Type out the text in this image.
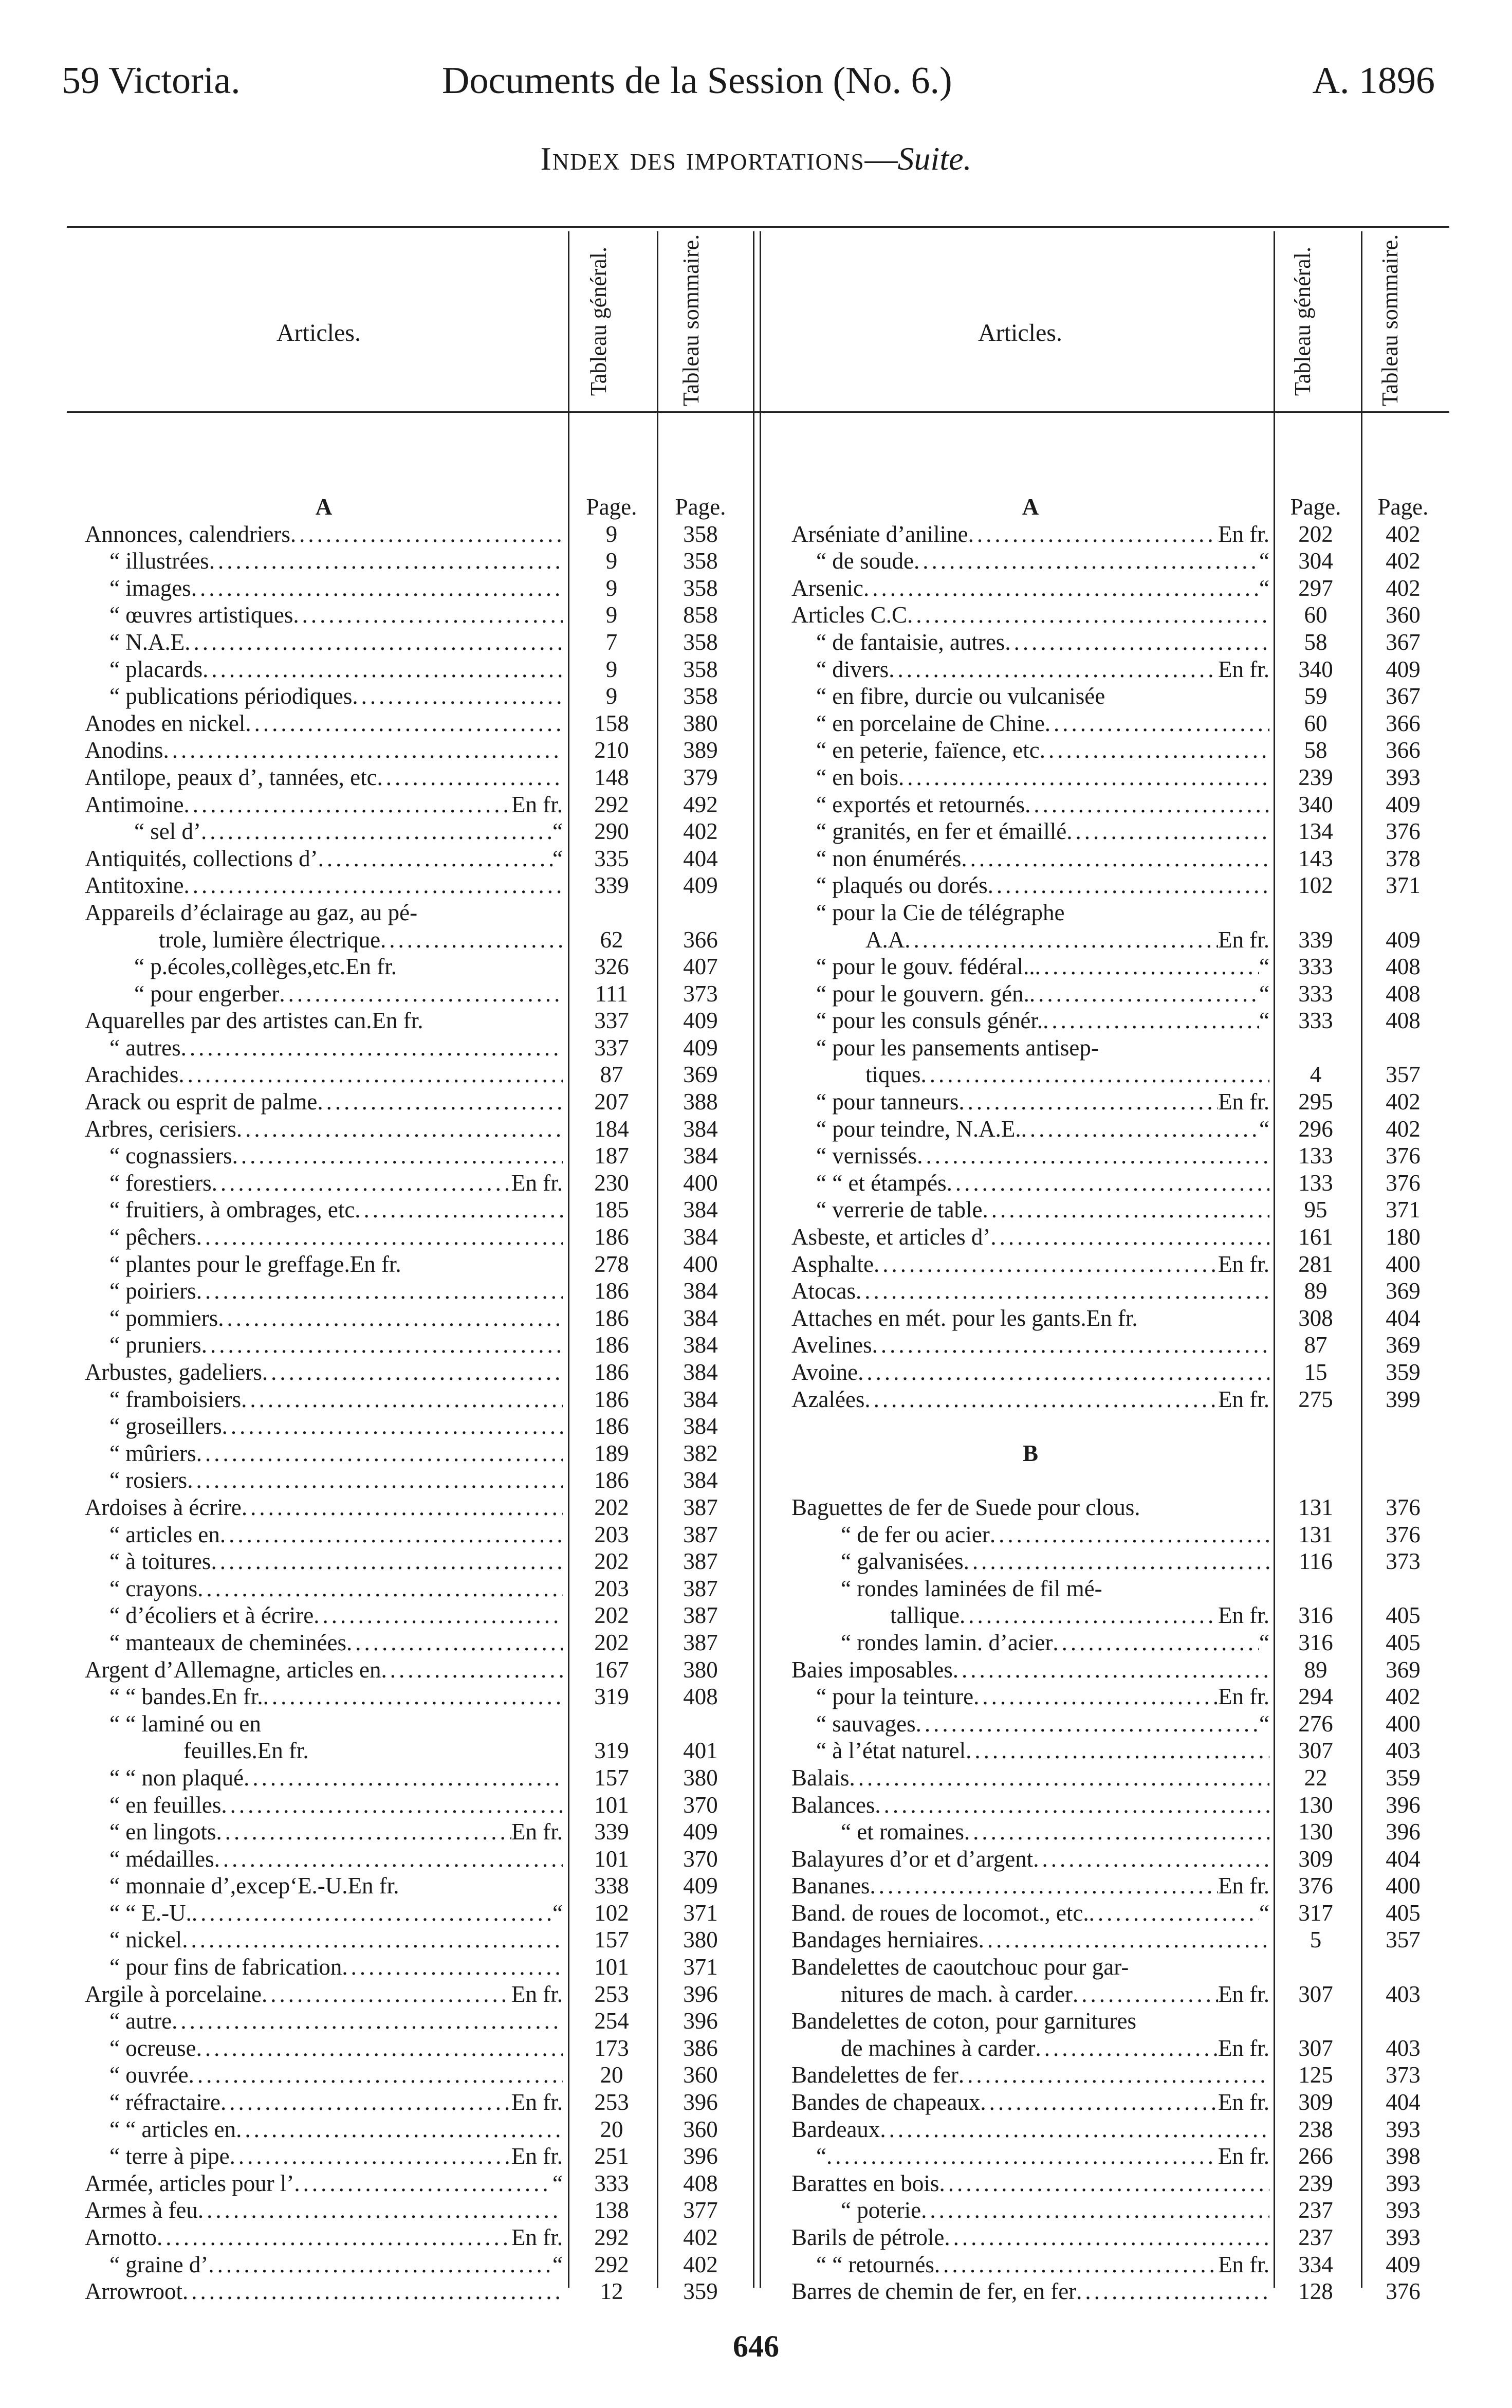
59 Victoria.	Documents de la Session (No. 6.)	A. 1896
Index des importations—Suite.
Articles.	Tableau général.	Tableau sommaire.	Articles.	Tableau général.	Tableau sommaire.
A	Page.	Page.
Annonces, calendriers .....	9	358
“ illustrées .....	9	358
“ images .....	9	358
“ œuvres artistiques .....	9	858
“ N.A.E .....	7	358
“ placards .....	9	358
“ publications périodiques .....	9	358
Anodes en nickel .....	158	380
Anodins .....	210	389
Antilope, peaux d’, tannées, etc .....	148	379
Antimoine .....	En fr.	292	492
“ sel d’ .....	“	290	402
Antiquités, collections d’ .....	“	335	404
Antitoxine .....	339	409
Appareils d’éclairage au gaz, au pé-
trole, lumière électrique .....	62	366
“ p.écoles,collèges,etc.En fr.	326	407
“ pour engerber .....	111	373
Aquarelles par des artistes can.En fr.	337	409
“ autres .....	337	409
Arachides .....	87	369
Arack ou esprit de palme .....	207	388
Arbres, cerisiers .....	184	384
“ cognassiers .....	187	384
“ forestiers .....	En fr.	230	400
“ fruitiers, à ombrages, etc .....	185	384
“ pêchers .....	186	384
“ plantes pour le greffage.En fr.	278	400
“ poiriers .....	186	384
“ pommiers .....	186	384
“ pruniers .....	186	384
Arbustes, gadeliers .....	186	384
“ framboisiers .....	186	384
“ groseillers .....	186	384
“ mûriers .....	189	382
“ rosiers .....	186	384
Ardoises à écrire .....	202	387
“ articles en .....	203	387
“ à toitures .....	202	387
“ crayons .....	203	387
“ d’écoliers et à écrire .....	202	387
“ manteaux de cheminées .....	202	387
Argent d’Allemagne, articles en .....	167	380
“ “ bandes.En fr. .....	319	408
“ “ laminé ou en
feuilles.En fr.	319	401
“ “ non plaqué .....	157	380
“ en feuilles .....	101	370
“ en lingots .....	En fr.	339	409
“ médailles .....	101	370
“ monnaie d’,excep‘E.-U.En fr.	338	409
“ “ E.-U. .....	“	102	371
“ nickel .....	157	380
“ pour fins de fabrication .....	101	371
Argile à porcelaine .....	En fr.	253	396
“ autre .....	254	396
“ ocreuse .....	173	386
“ ouvrée .....	20	360
“ réfractaire .....	En fr.	253	396
“ “ articles en .....	20	360
“ terre à pipe .....	En fr.	251	396
Armée, articles pour l’ .....	“	333	408
Armes à feu .....	138	377
Arnotto .....	En fr.	292	402
“ graine d’ .....	“	292	402
Arrowroot .....	12	359
A	Page.	Page.
Arséniate d’aniline .....	En fr.	202	402
“ de soude .....	“	304	402
Arsenic .....	“	297	402
Articles C.C .....	60	360
“ de fantaisie, autres .....	58	367
“ divers .....	En fr.	340	409
“ en fibre, durcie ou vulcanisée	59	367
“ en porcelaine de Chine .....	60	366
“ en peterie, faïence, etc .....	58	366
“ en bois .....	239	393
“ exportés et retournés .....	340	409
“ granités, en fer et émaillé .....	134	376
“ non énumérés .....	143	378
“ plaqués ou dorés .....	102	371
“ pour la Cie de télégraphe
A.A .....	En fr.	339	409
“ pour le gouv. fédéral.. .....	“	333	408
“ pour le gouvern. gén. .....	“	333	408
“ pour les consuls génér. .....	“	333	408
“ pour les pansements antisep-
tiques .....	4	357
“ pour tanneurs .....	En fr.	295	402
“ pour teindre, N.A.E. .....	“	296	402
“ vernissés .....	133	376
“ “ et étampés .....	133	376
“ verrerie de table .....	95	371
Asbeste, et articles d’ .....	161	180
Asphalte .....	En fr.	281	400
Atocas .....	89	369
Attaches en mét. pour les gants.En fr.	308	404
Avelines .....	87	369
Avoine .....	15	359
Azalées .....	En fr.	275	399
B
Baguettes de fer de Suede pour clous.	131	376
“ de fer ou acier .....	131	376
“ galvanisées .....	116	373
“ rondes laminées de fil mé-
tallique .....	En fr.	316	405
“ rondes lamin. d’acier .....	“	316	405
Baies imposables .....	89	369
“ pour la teinture .....	En fr.	294	402
“ sauvages .....	“	276	400
“ à l’état naturel .....	307	403
Balais .....	22	359
Balances .....	130	396
“ et romaines .....	130	396
Balayures d’or et d’argent .....	309	404
Bananes .....	En fr.	376	400
Band. de roues de locomot., etc. .....	“	317	405
Bandages herniaires .....	5	357
Bandelettes de caoutchouc pour gar-
nitures de mach. à carder .....	En fr.	307	403
Bandelettes de coton, pour garnitures
de machines à carder .....	En fr.	307	403
Bandelettes de fer .....	125	373
Bandes de chapeaux .....	En fr.	309	404
Bardeaux .....	238	393
“ .....	En fr.	266	398
Barattes en bois .....	239	393
“ poterie .....	237	393
Barils de pétrole .....	237	393
“ “ retournés .....	En fr.	334	409
Barres de chemin de fer, en fer .....	128	376
646
